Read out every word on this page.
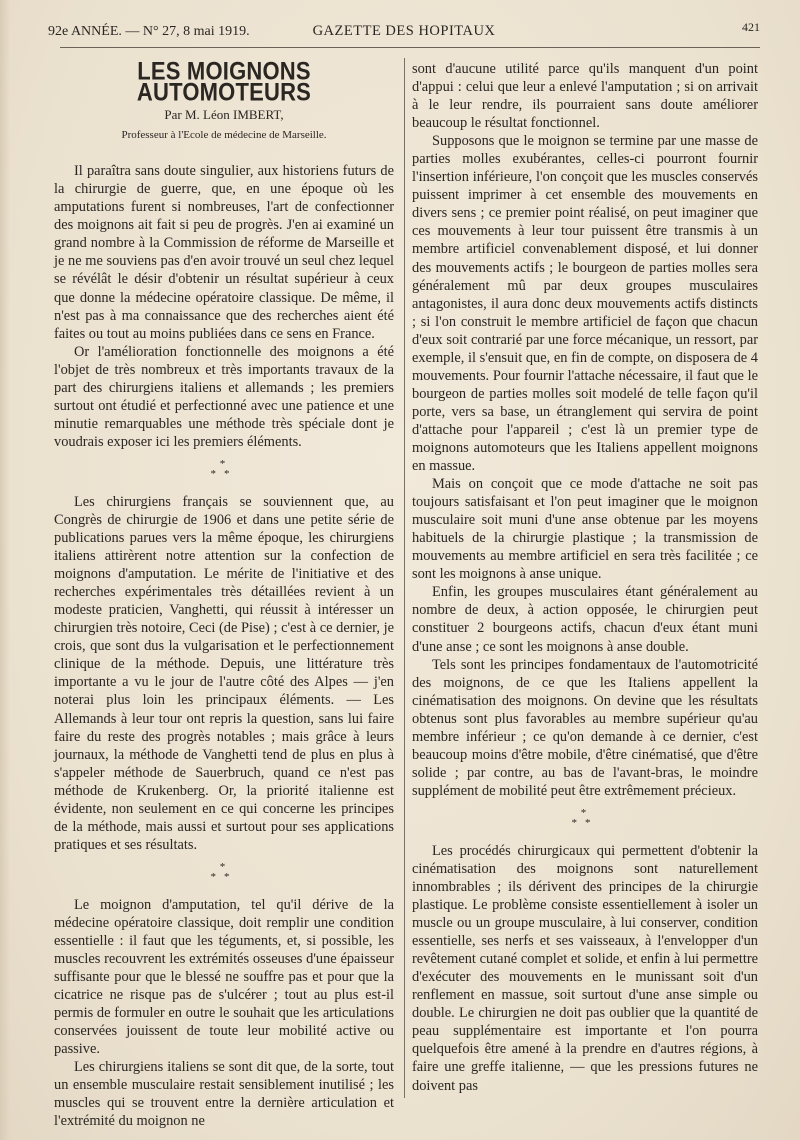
92e ANNÉE. — N° 27, 8 mai 1919.	GAZETTE DES HOPITAUX	421
LES MOIGNONS AUTOMOTEURS
Par M. Léon IMBERT,
Professeur à l'Ecole de médecine de Marseille.

Il paraîtra sans doute singulier, aux historiens futurs de la chirurgie de guerre, que, en une époque où les amputations furent si nombreuses, l'art de confectionner des moignons ait fait si peu de progrès. J'en ai examiné un grand nombre à la Commission de réforme de Marseille et je ne me souviens pas d'en avoir trouvé un seul chez lequel se révélât le désir d'obtenir un résultat supérieur à ceux que donne la médecine opératoire classique. De même, il n'est pas à ma connaissance que des recherches aient été faites ou tout au moins publiées dans ce sens en France.

Or l'amélioration fonctionnelle des moignons a été l'objet de très nombreux et très importants travaux de la part des chirurgiens italiens et allemands ; les premiers surtout ont étudié et perfectionné avec une patience et une minutie remarquables une méthode très spéciale dont je voudrais exposer ici les premiers éléments.

*
**

Les chirurgiens français se souviennent que, au Congrès de chirurgie de 1906 et dans une petite série de publications parues vers la même époque, les chirurgiens italiens attirèrent notre attention sur la confection de moignons d'amputation. Le mérite de l'initiative et des recherches expérimentales très détaillées revient à un modeste praticien, Vanghetti, qui réussit à intéresser un chirurgien très notoire, Ceci (de Pise) ; c'est à ce dernier, je crois, que sont dus la vulgarisation et le perfectionnement clinique de la méthode. Depuis, une littérature très importante a vu le jour de l'autre côté des Alpes — j'en noterai plus loin les principaux éléments. — Les Allemands à leur tour ont repris la question, sans lui faire faire du reste des progrès notables ; mais grâce à leurs journaux, la méthode de Vanghetti tend de plus en plus à s'appeler méthode de Sauerbruch, quand ce n'est pas méthode de Krukenberg. Or, la priorité italienne est évidente, non seulement en ce qui concerne les principes de la méthode, mais aussi et surtout pour ses applications pratiques et ses résultats.

*
**

Le moignon d'amputation, tel qu'il dérive de la médecine opératoire classique, doit remplir une condition essentielle : il faut que les téguments, et, si possible, les muscles recouvrent les extrémités osseuses d'une épaisseur suffisante pour que le blessé ne souffre pas et pour que la cicatrice ne risque pas de s'ulcérer ; tout au plus est-il permis de formuler en outre le souhait que les articulations conservées jouissent de toute leur mobilité active ou passive.

Les chirurgiens italiens se sont dit que, de la sorte, tout un ensemble musculaire restait sensiblement inutilisé ; les muscles qui se trouvent entre la dernière articulation et l'extrémité du moignon ne

sont d'aucune utilité parce qu'ils manquent d'un point d'appui : celui que leur a enlevé l'amputation ; si on arrivait à le leur rendre, ils pourraient sans doute améliorer beaucoup le résultat fonctionnel.

Supposons que le moignon se termine par une masse de parties molles exubérantes, celles-ci pourront fournir l'insertion inférieure, l'on conçoit que les muscles conservés puissent imprimer à cet ensemble des mouvements en divers sens ; ce premier point réalisé, on peut imaginer que ces mouvements à leur tour puissent être transmis à un membre artificiel convenablement disposé, et lui donner des mouvements actifs ; le bourgeon de parties molles sera généralement mû par deux groupes musculaires antagonistes, il aura donc deux mouvements actifs distincts ; si l'on construit le membre artificiel de façon que chacun d'eux soit contrarié par une force mécanique, un ressort, par exemple, il s'ensuit que, en fin de compte, on disposera de 4 mouvements. Pour fournir l'attache nécessaire, il faut que le bourgeon de parties molles soit modelé de telle façon qu'il porte, vers sa base, un étranglement qui servira de point d'attache pour l'appareil ; c'est là un premier type de moignons automoteurs que les Italiens appellent moignons en massue.

Mais on conçoit que ce mode d'attache ne soit pas toujours satisfaisant et l'on peut imaginer que le moignon musculaire soit muni d'une anse obtenue par les moyens habituels de la chirurgie plastique ; la transmission de mouvements au membre artificiel en sera très facilitée ; ce sont les moignons à anse unique.

Enfin, les groupes musculaires étant généralement au nombre de deux, à action opposée, le chirurgien peut constituer 2 bourgeons actifs, chacun d'eux étant muni d'une anse ; ce sont les moignons à anse double.

Tels sont les principes fondamentaux de l'automotricité des moignons, de ce que les Italiens appellent la cinématisation des moignons. On devine que les résultats obtenus sont plus favorables au membre supérieur qu'au membre inférieur ; ce qu'on demande à ce dernier, c'est beaucoup moins d'être mobile, d'être cinématisé, que d'être solide ; par contre, au bas de l'avant-bras, le moindre supplément de mobilité peut être extrêmement précieux.

*
**

Les procédés chirurgicaux qui permettent d'obtenir la cinématisation des moignons sont naturellement innombrables ; ils dérivent des principes de la chirurgie plastique. Le problème consiste essentiellement à isoler un muscle ou un groupe musculaire, à lui conserver, condition essentielle, ses nerfs et ses vaisseaux, à l'envelopper d'un revêtement cutané complet et solide, et enfin à lui permettre d'exécuter des mouvements en le munissant soit d'un renflement en massue, soit surtout d'une anse simple ou double. Le chirurgien ne doit pas oublier que la quantité de peau supplémentaire est importante et l'on pourra quelquefois être amené à la prendre en d'autres régions, à faire une greffe italienne, — que les pressions futures ne doivent pas
